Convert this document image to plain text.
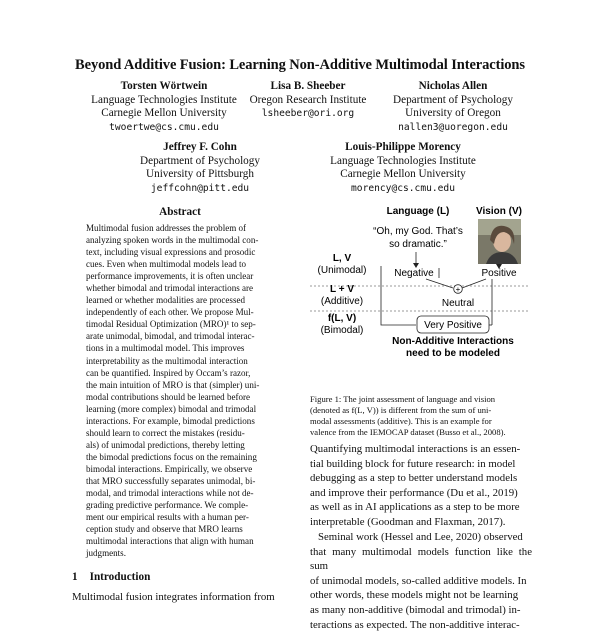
Beyond Additive Fusion: Learning Non-Additive Multimodal Interactions
Torsten Wörtwein
Language Technologies Institute
Carnegie Mellon University
twoertwe@cs.cmu.edu
Lisa B. Sheeber
Oregon Research Institute
lsheeber@ori.org
Nicholas Allen
Department of Psychology
University of Oregon
nallen3@uoregon.edu
Jeffrey F. Cohn
Department of Psychology
University of Pittsburgh
jeffcohn@pitt.edu
Louis-Philippe Morency
Language Technologies Institute
Carnegie Mellon University
morency@cs.cmu.edu
Abstract
Multimodal fusion addresses the problem of
analyzing spoken words in the multimodal con-
text, including visual expressions and prosodic
cues. Even when multimodal models lead to
performance improvements, it is often unclear
whether bimodal and trimodal interactions are
learned or whether modalities are processed
independently of each other. We propose Mul-
timodal Residual Optimization (MRO)¹ to sep-
arate unimodal, bimodal, and trimodal interac-
tions in a multimodal model. This improves
interpretability as the multimodal interaction
can be quantified. Inspired by Occam’s razor,
the main intuition of MRO is that (simpler) uni-
modal contributions should be learned before
learning (more complex) bimodal and trimodal
interactions. For example, bimodal predictions
should learn to correct the mistakes (residu-
als) of unimodal predictions, thereby letting
the bimodal predictions focus on the remaining
bimodal interactions. Empirically, we observe
that MRO successfully separates unimodal, bi-
modal, and trimodal interactions while not de-
grading predictive performance. We comple-
ment our empirical results with a human per-
ception study and observe that MRO learns
multimodal interactions that align with human
judgments.
1 Introduction
Multimodal fusion integrates information from
Language (L)	Vision (V)
“Oh, my God. That’s
so dramatic.”
L, V
(Unimodal)
L + V
(Additive)
f(L, V)
(Bimodal)
Negative	Positive
+
Neutral
Very Positive
Non-Additive Interactions
need to be modeled
Figure 1: The joint assessment of language and vision
(denoted as f(L, V)) is different from the sum of uni-
modal assessments (additive). This is an example for
valence from the IEMOCAP dataset (Busso et al., 2008).
Quantifying multimodal interactions is an essen-
tial building block for future research: in model
debugging as a step to better understand models
and improve their performance (Du et al., 2019)
as well as in AI applications as a step to be more
interpretable (Goodman and Flaxman, 2017).
Seminal work (Hessel and Lee, 2020) observed
that many multimodal models function like the sum
of unimodal models, so-called additive models. In
other words, these models might not be learning
as many non-additive (bimodal and trimodal) in-
teractions as expected. The non-additive interac-
